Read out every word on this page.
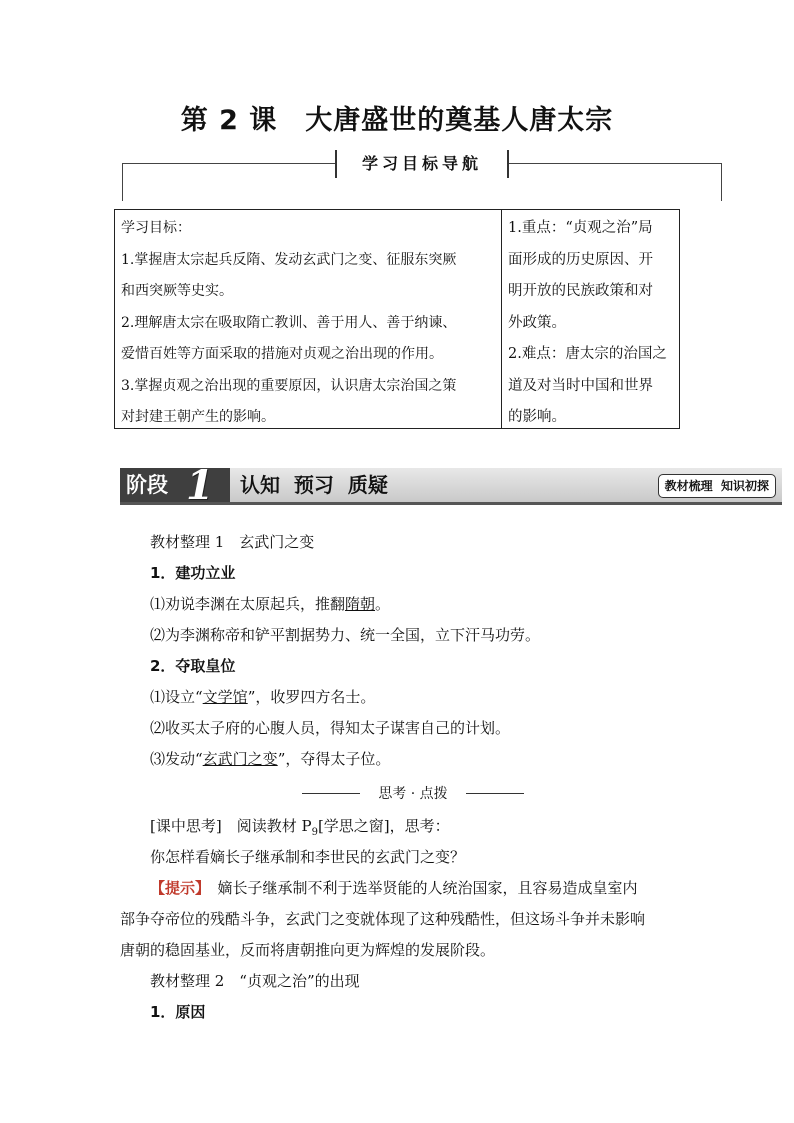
第 2 课　大唐盛世的奠基人唐太宗
学习目标导航

学习目标：

1.掌握唐太宗起兵反隋、发动玄武门之变、征服东突厥

和西突厥等史实。

2.理解唐太宗在吸取隋亡教训、善于用人、善于纳谏、

爱惜百姓等方面采取的措施对贞观之治出现的作用。

3.掌握贞观之治出现的重要原因，认识唐太宗治国之策

对封建王朝产生的影响。

1.重点：“贞观之治”局

面形成的历史原因、开

明开放的民族政策和对

外政策。

2.难点：唐太宗的治国之

道及对当时中国和世界

的影响。

阶段 1 认知  预习  质疑	教材梳理  知识初探
教材整理 1　玄武门之变
1．建功立业
⑴劝说李渊在太原起兵，推翻隋朝。
⑵为李渊称帝和铲平割据势力、统一全国，立下汗马功劳。
2．夺取皇位
⑴设立“文学馆”，收罗四方名士。
⑵收买太子府的心腹人员，得知太子谋害自己的计划。
⑶发动“玄武门之变”，夺得太子位。
思考 · 点拨
[课中思考]　阅读教材 $P_9$[学思之窗]，思考：
你怎样看嫡长子继承制和李世民的玄武门之变？
【提示】　嫡长子继承制不利于选举贤能的人统治国家，且容易造成皇室内
部争夺帝位的残酷斗争，玄武门之变就体现了这种残酷性，但这场斗争并未影响
唐朝的稳固基业，反而将唐朝推向更为辉煌的发展阶段。
教材整理 2　“贞观之治”的出现
1．原因
